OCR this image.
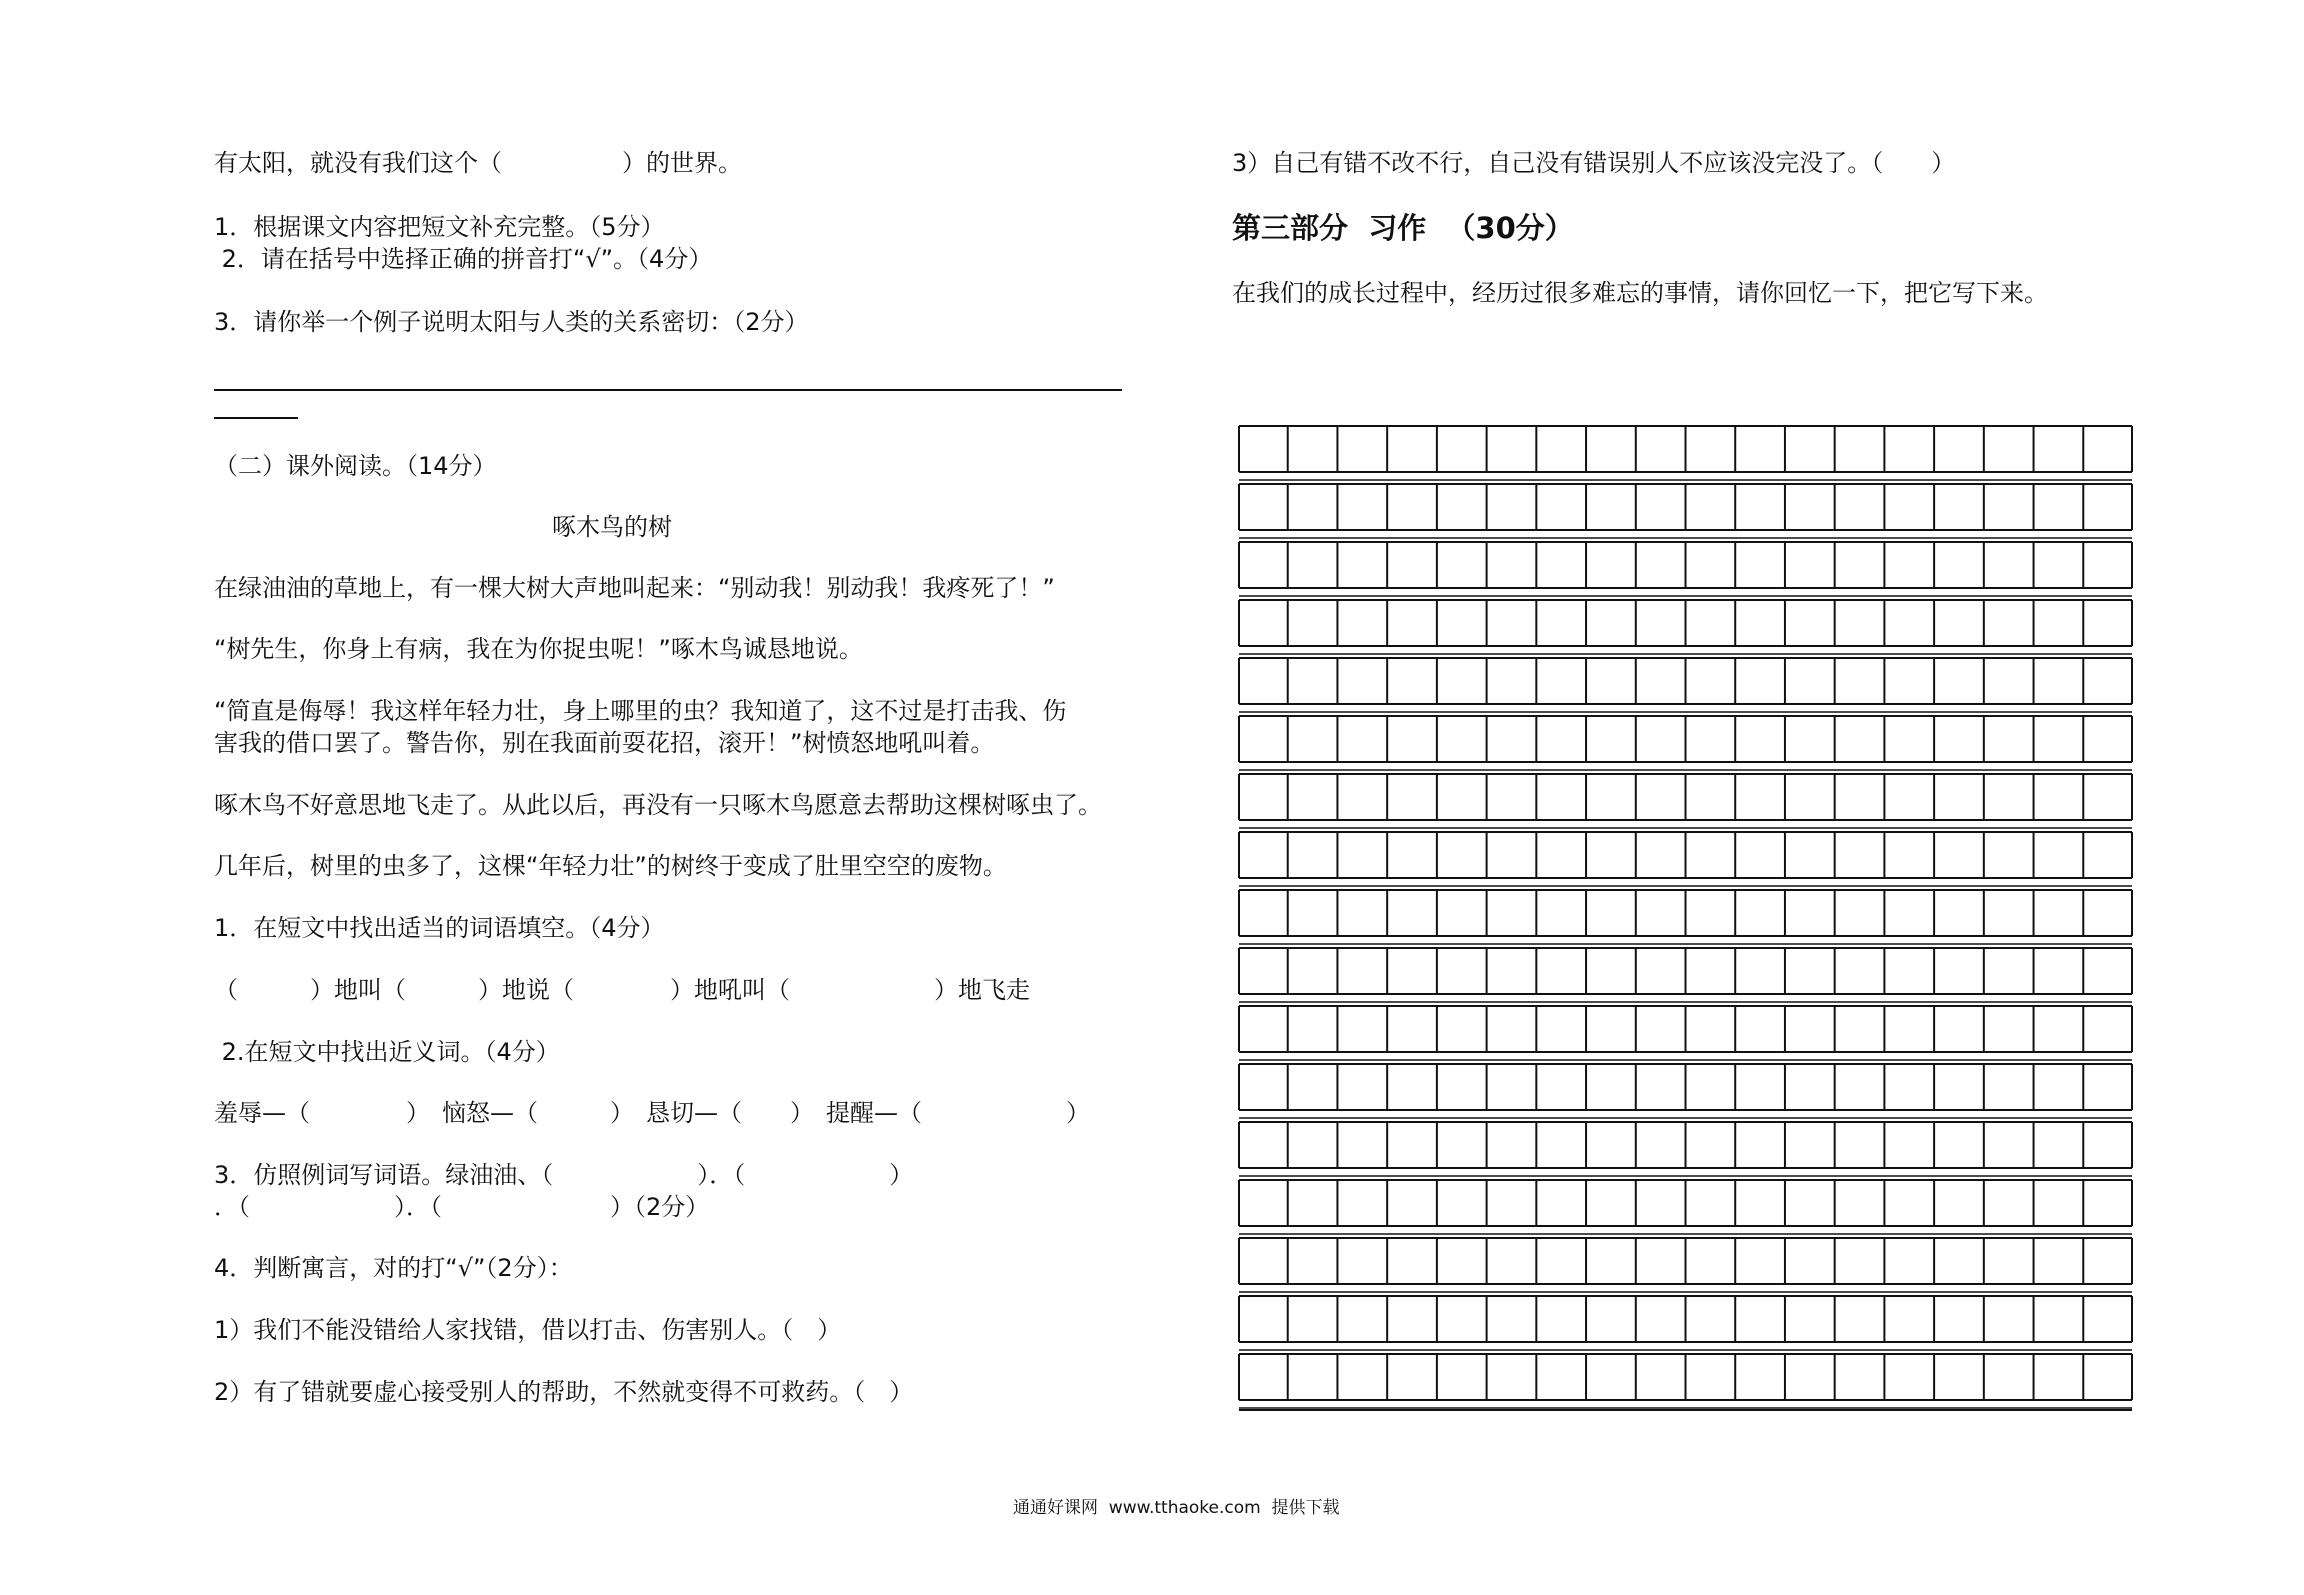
有太阳，就没有我们这个（　　　　　）的世界。

1．根据课文内容把短文补充完整。（5分）

2．请在括号中选择正确的拼音打“√”。（4分）

3．请你举一个例子说明太阳与人类的关系密切：（2分）

（二）课外阅读。（14分）

啄木鸟的树

在绿油油的草地上，有一棵大树大声地叫起来：“别动我！别动我！我疼死了！”

“树先生，你身上有病，我在为你捉虫呢！”啄木鸟诚恳地说。

“简直是侮辱！我这样年轻力壮，身上哪里的虫？我知道了，这不过是打击我、伤

害我的借口罢了。警告你，别在我面前耍花招，滚开！”树愤怒地吼叫着。

啄木鸟不好意思地飞走了。从此以后，再没有一只啄木鸟愿意去帮助这棵树啄虫了。

几年后，树里的虫多了，这棵“年轻力壮”的树终于变成了肚里空空的废物。

1．在短文中找出适当的词语填空。（4分）

（　　　）地叫（　　　）地说（　　　　）地吼叫（　　　　　　）地飞走

2.在短文中找出近义词。（4分）

羞辱—（　　　　）　恼怒—（　　　）　恳切—（　　）　提醒—（　　　　　　）

3．仿照例词写词语。绿油油、（　　　　　　）．（　　　　　　）

．（　　　　　　）．（　　　　　　　）（2分）

4．判断寓言，对的打“√”（2分）：

1）我们不能没错给人家找错，借以打击、伤害别人。（　）

2）有了错就要虚心接受别人的帮助，不然就变得不可救药。（　）

3）自己有错不改不行，自己没有错误别人不应该没完没了。（　　）

第三部分  习作  （30分）

在我们的成长过程中，经历过很多难忘的事情，请你回忆一下，把它写下来。

通通好课网  www.tthaoke.com  提供下载
